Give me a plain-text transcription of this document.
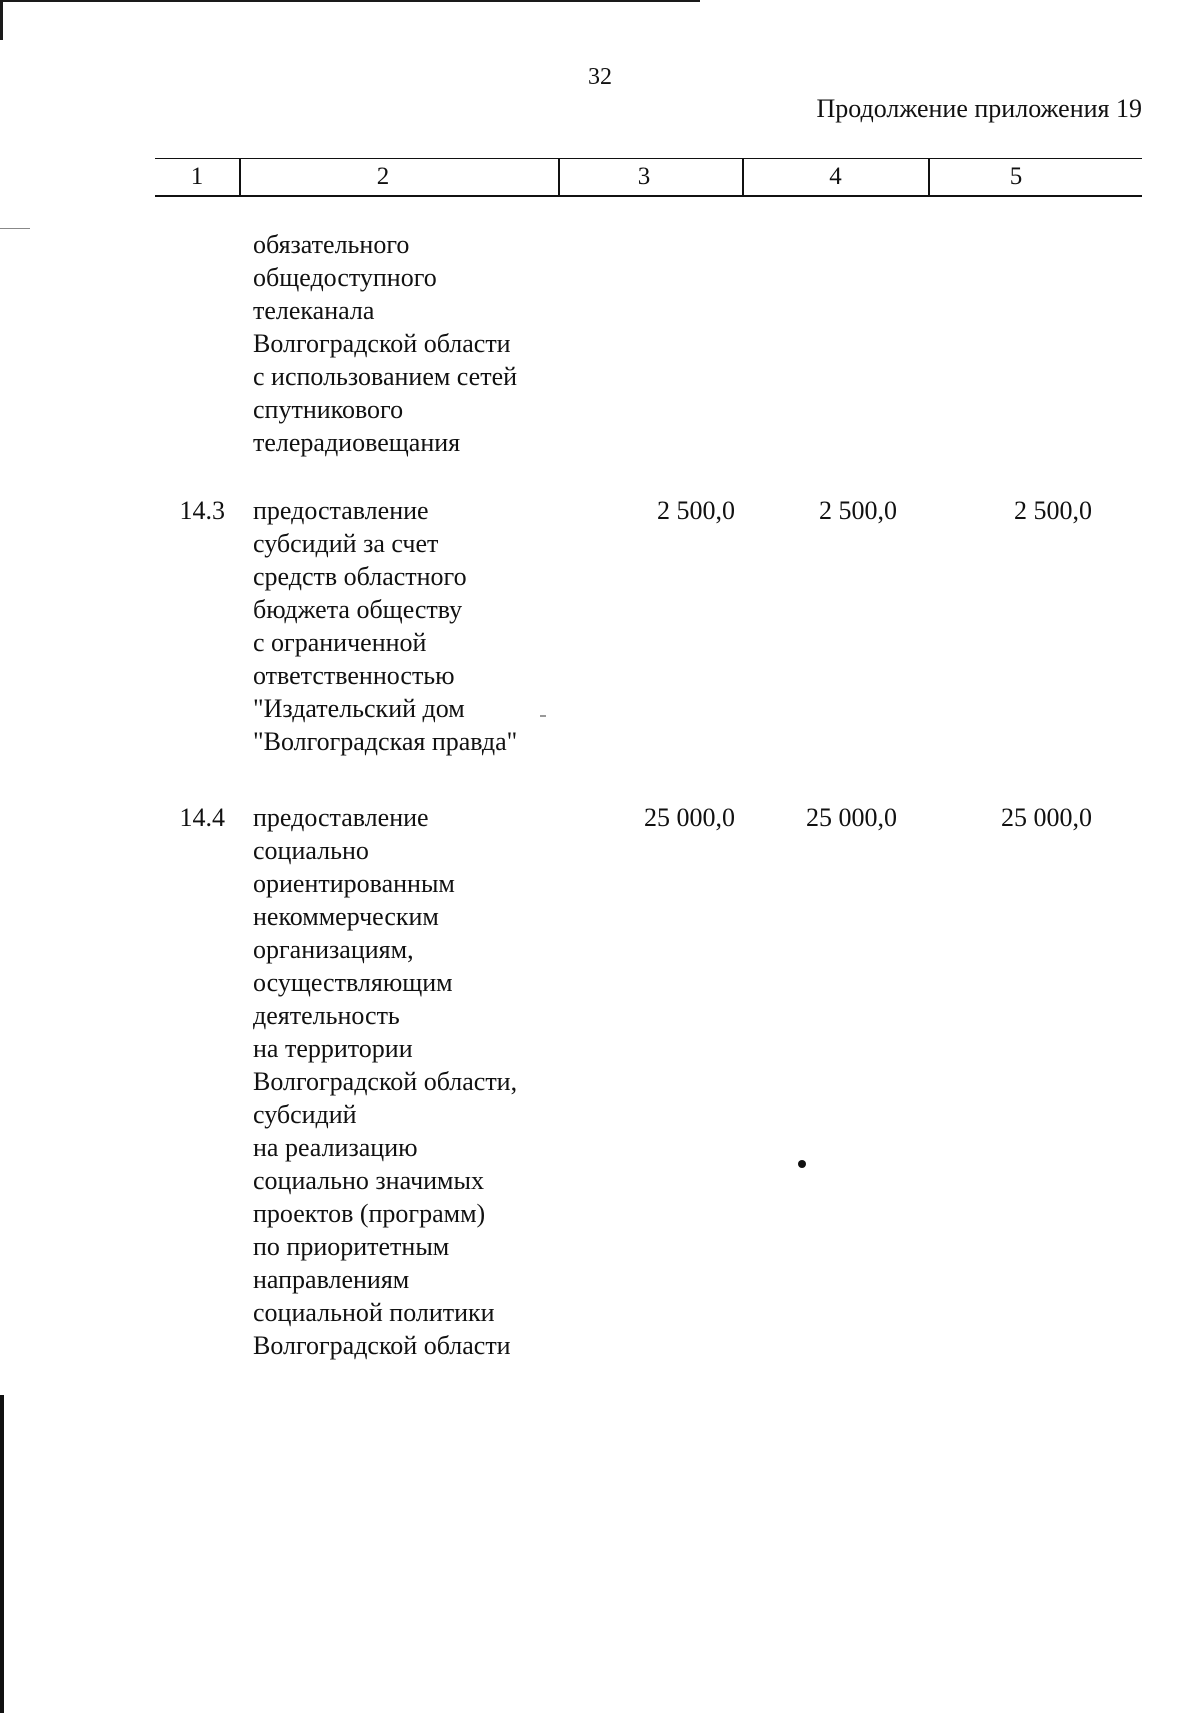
32
Продолжение приложения 19
1	2	3	4	5
обязательного
общедоступного
телеканала
Волгоградской области
с использованием сетей
спутникового
телерадиовещания
14.3 предоставление
субсидий за счет
средств областного
бюджета обществу
с ограниченной
ответственностью
"Издательский дом
"Волгоградская правда"
2 500,0	2 500,0	2 500,0
14.4 предоставление
социально
ориентированным
некоммерческим
организациям,
осуществляющим
деятельность
на территории
Волгоградской области,
субсидий
на реализацию
социально значимых
проектов (программ)
по приоритетным
направлениям
социальной политики
Волгоградской области
25 000,0	25 000,0	25 000,0
